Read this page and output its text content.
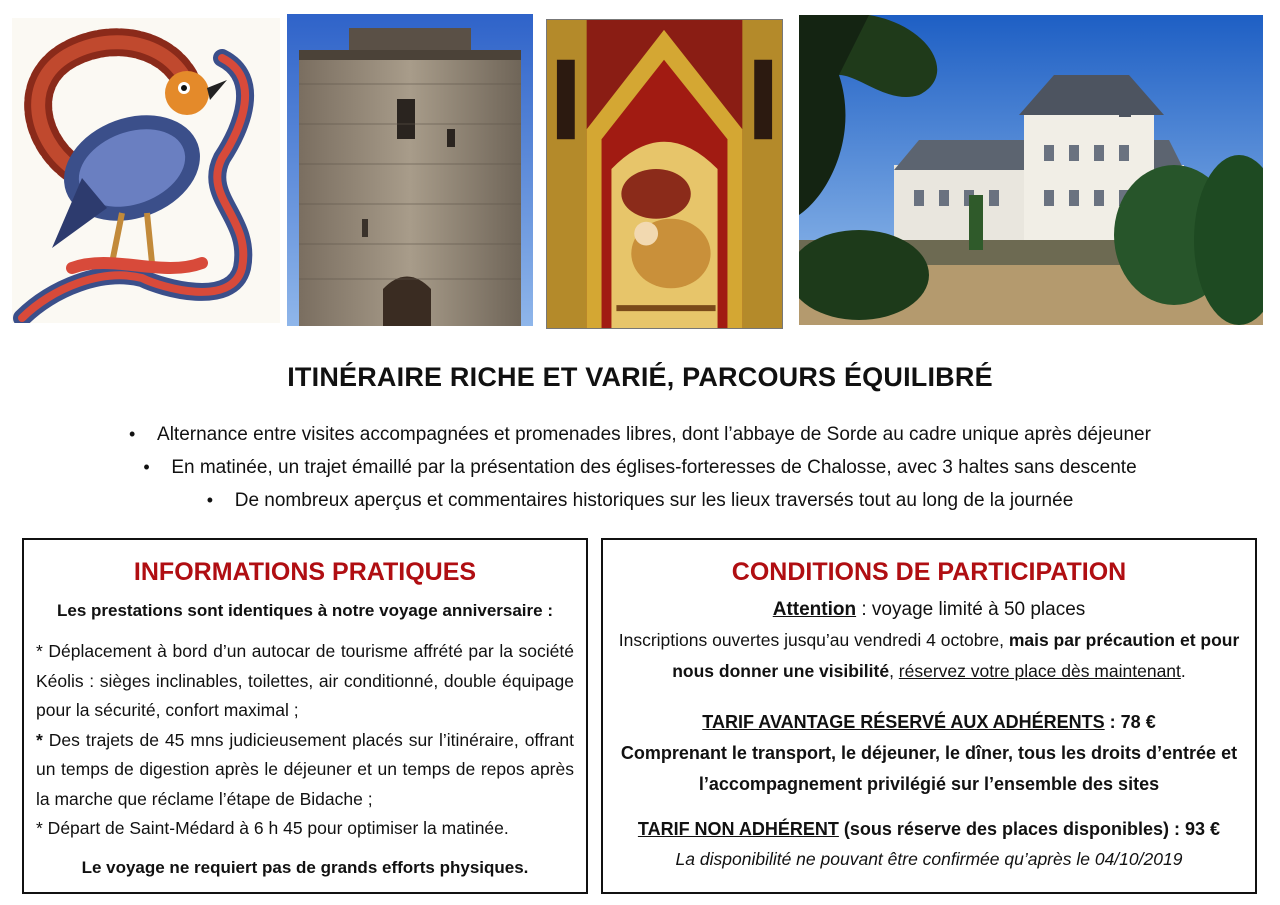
ITINÉRAIRE RICHE ET VARIÉ, PARCOURS ÉQUILIBRÉ
• Alternance entre visites accompagnées et promenades libres, dont l’abbaye de Sorde au cadre unique après déjeuner
• En matinée, un trajet émaillé par la présentation des églises-forteresses de Chalosse, avec 3 haltes sans descente
• De nombreux aperçus et commentaires historiques sur les lieux traversés tout au long de la journée
INFORMATIONS PRATIQUES
Les prestations sont identiques à notre voyage anniversaire :

* Déplacement à bord d’un autocar de tourisme affrété par la société Kéolis : sièges inclinables, toilettes, air conditionné, double équipage pour la sécurité, confort maximal ;

* Des trajets de 45 mns judicieusement placés sur l’itinéraire, offrant un temps de digestion après le déjeuner et un temps de repos après la marche que réclame l’étape de Bidache ;

* Départ de Saint-Médard à 6 h 45 pour optimiser la matinée.

Le voyage ne requiert pas de grands efforts physiques.
CONDITIONS DE PARTICIPATION
Attention : voyage limité à 50 places
Inscriptions ouvertes jusqu’au vendredi 4 octobre, mais par précaution et pour nous donner une visibilité, réservez votre place dès maintenant.
TARIF AVANTAGE RÉSERVÉ AUX ADHÉRENTS : 78 €
Comprenant le transport, le déjeuner, le dîner, tous les droits d’entrée et l’accompagnement privilégié sur l’ensemble des sites
TARIF NON ADHÉRENT (sous réserve des places disponibles) : 93 €
La disponibilité ne pouvant être confirmée qu’après le 04/10/2019
